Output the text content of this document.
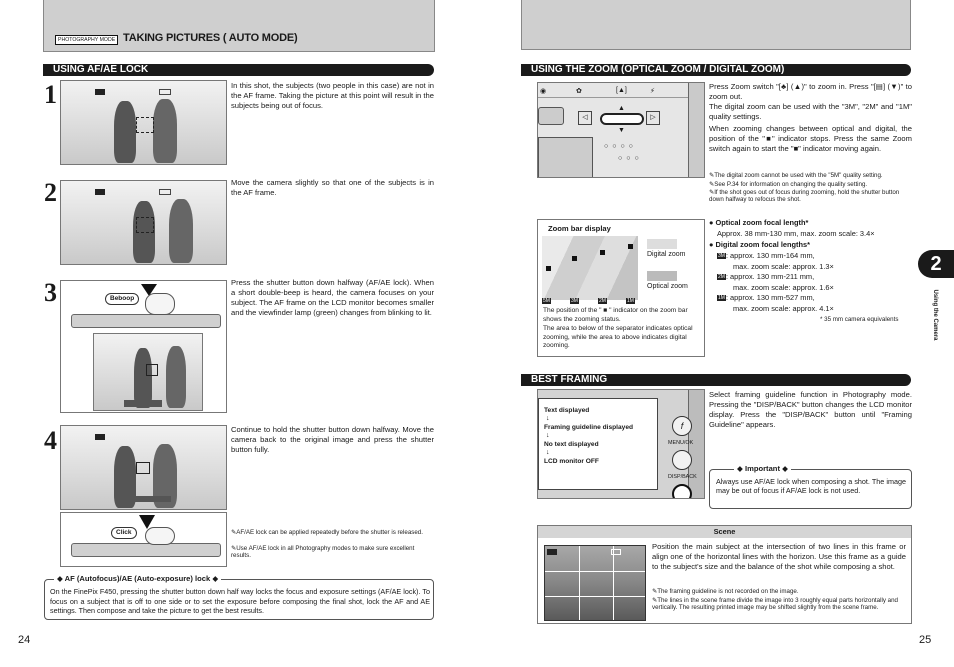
PHOTOGRAPHY MODE TAKING PICTURES ( AUTO MODE)
USING AF/AE LOCK
1	In this shot, the subjects (two people in this case) are not in the AF frame. Taking the picture at this point will result in the subjects being out of focus.
2	Move the camera slightly so that one of the subjects is in the AF frame.
3	Beboop
Press the shutter button down halfway (AF/AE lock). When a short double-beep is heard, the camera focuses on your subject. The AF frame on the LCD monitor becomes smaller and the viewfinder lamp (green) changes from blinking to lit.
4	Continue to hold the shutter button down halfway. Move the camera back to the original image and press the shutter button fully.
Click	✎AF/AE lock can be applied repeatedly before the shutter is released.
✎Use AF/AE lock in all Photography modes to make sure excellent results.
◆ AF (Autofocus)/AE (Auto-exposure) lock ◆
On the FinePix F450, pressing the shutter button down half way locks the focus and exposure settings (AF/AE lock). To focus on a subject that is off to one side or to set the exposure before composing the final shot, lock the AF and AE settings. Then compose and take the picture to get the best results.
24
USING THE ZOOM (OPTICAL ZOOM / DIGITAL ZOOM)
◉	✿	[▲]	⚡
◁
▲
▼
▷
○○○○
○○○
Press Zoom switch "[♣] (▲)" to zoom in. Press "[▤] (▼)" to zoom out.
The digital zoom can be used with the "3M", "2M" and "1M" quality settings.
When zooming changes between optical and digital, the position of the "■" indicator stops. Press the same Zoom switch again to start the "■" indicator moving again.
✎The digital zoom cannot be used with the "5M" quality setting.
✎See P.34 for information on changing the quality setting.
✎If the shot goes out of focus during zooming, hold the shutter button down halfway to refocus the shot.
Zoom bar display
5M	3M	2M	1M
Digital zoom
Optical zoom
The position of the " ■ " indicator on the zoom bar shows the zooming status.
The area to below of the separator indicates optical zooming, while the area to above indicates digital zooming.
● Optical zoom focal length*
Approx. 38 mm-130 mm, max. zoom scale: 3.4×
● Digital zoom focal lengths*
3M: approx. 130 mm-164 mm,
max. zoom scale: approx. 1.3×
2M: approx. 130 mm-211 mm,
max. zoom scale: approx. 1.6×
1M: approx. 130 mm-527 mm,
max. zoom scale: approx. 4.1×
* 35 mm camera equivalents
2
Using the Camera
BEST FRAMING
f
MENU/OK
DISP/BACK
Text displayed
↓
Framing guideline displayed
↓
No text displayed
↓
LCD monitor OFF
Select framing guideline function in Photography mode. Pressing the "DISP/BACK" button changes the LCD monitor display. Press the "DISP/BACK" button until "Framing Guideline" appears.
◆ Important ◆
Always use AF/AE lock when composing a shot. The image may be out of focus if AF/AE lock is not used.
Scene
Position the main subject at the intersection of two lines in this frame or align one of the horizontal lines with the horizon. Use this frame as a guide to the subject's size and the balance of the shot while composing a shot.
✎The framing guideline is not recorded on the image.
✎The lines in the scene frame divide the image into 3 roughly equal parts horizontally and vertically. The resulting printed image may be shifted slightly from the scene frame.
25
